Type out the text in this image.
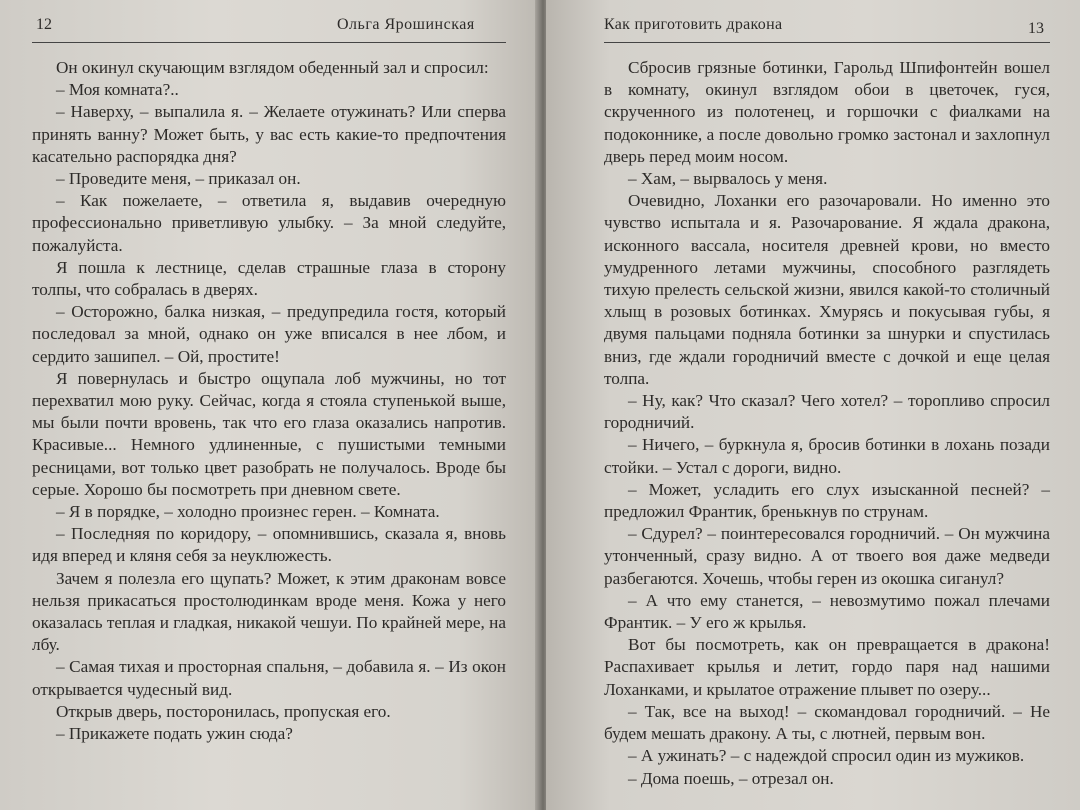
12	Ольга Ярошинская

Он окинул скучающим взглядом обеденный зал и спросил:

– Моя комната?..

– Наверху, – выпалила я. – Желаете отужинать? Или сперва принять ванну? Может быть, у вас есть какие-то предпочтения касательно распорядка дня?

– Проведите меня, – приказал он.

– Как пожелаете, – ответила я, выдавив очередную профессионально приветливую улыбку. – За мной следуйте, пожалуйста.

Я пошла к лестнице, сделав страшные глаза в сторону толпы, что собралась в дверях.

– Осторожно, балка низкая, – предупредила гостя, который последовал за мной, однако он уже вписался в нее лбом, и сердито зашипел. – Ой, простите!

Я повернулась и быстро ощупала лоб мужчины, но тот перехватил мою руку. Сейчас, когда я стояла ступенькой выше, мы были почти вровень, так что его глаза оказались напротив. Красивые... Немного удлиненные, с пушистыми темными ресницами, вот только цвет разобрать не получалось. Вроде бы серые. Хорошо бы посмотреть при дневном свете.

– Я в порядке, – холодно произнес герен. – Комната.

– Последняя по коридору, – опомнившись, сказала я, вновь идя вперед и кляня себя за неуклюжесть.

Зачем я полезла его щупать? Может, к этим драконам вовсе нельзя прикасаться простолюдинкам вроде меня. Кожа у него оказалась теплая и гладкая, никакой чешуи. По крайней мере, на лбу.

– Самая тихая и просторная спальня, – добавила я. – Из окон открывается чудесный вид.

Открыв дверь, посторонилась, пропуская его.

– Прикажете подать ужин сюда?

Как приготовить дракона	13

Сбросив грязные ботинки, Гарольд Шпифонтейн вошел в комнату, окинул взглядом обои в цветочек, гуся, скрученного из полотенец, и горшочки с фиалками на подоконнике, а после довольно громко застонал и захлопнул дверь перед моим носом.

– Хам, – вырвалось у меня.

Очевидно, Лоханки его разочаровали. Но именно это чувство испытала и я. Разочарование. Я ждала дракона, исконного вассала, носителя древней крови, но вместо умудренного летами мужчины, способного разглядеть тихую прелесть сельской жизни, явился какой-то столичный хлыщ в розовых ботинках. Хмурясь и покусывая губы, я двумя пальцами подняла ботинки за шнурки и спустилась вниз, где ждали городничий вместе с дочкой и еще целая толпа.

– Ну, как? Что сказал? Чего хотел? – торопливо спросил городничий.

– Ничего, – буркнула я, бросив ботинки в лохань позади стойки. – Устал с дороги, видно.

– Может, усладить его слух изысканной песней? – предложил Франтик, бренькнув по струнам.

– Сдурел? – поинтересовался городничий. – Он мужчина утонченный, сразу видно. А от твоего воя даже медведи разбегаются. Хочешь, чтобы герен из окошка сиганул?

– А что ему станется, – невозмутимо пожал плечами Франтик. – У его ж крылья.

Вот бы посмотреть, как он превращается в дракона! Распахивает крылья и летит, гордо паря над нашими Лоханками, и крылатое отражение плывет по озеру...

– Так, все на выход! – скомандовал городничий. – Не будем мешать дракону. А ты, с лютней, первым вон.

– А ужинать? – с надеждой спросил один из мужиков.

– Дома поешь, – отрезал он.
